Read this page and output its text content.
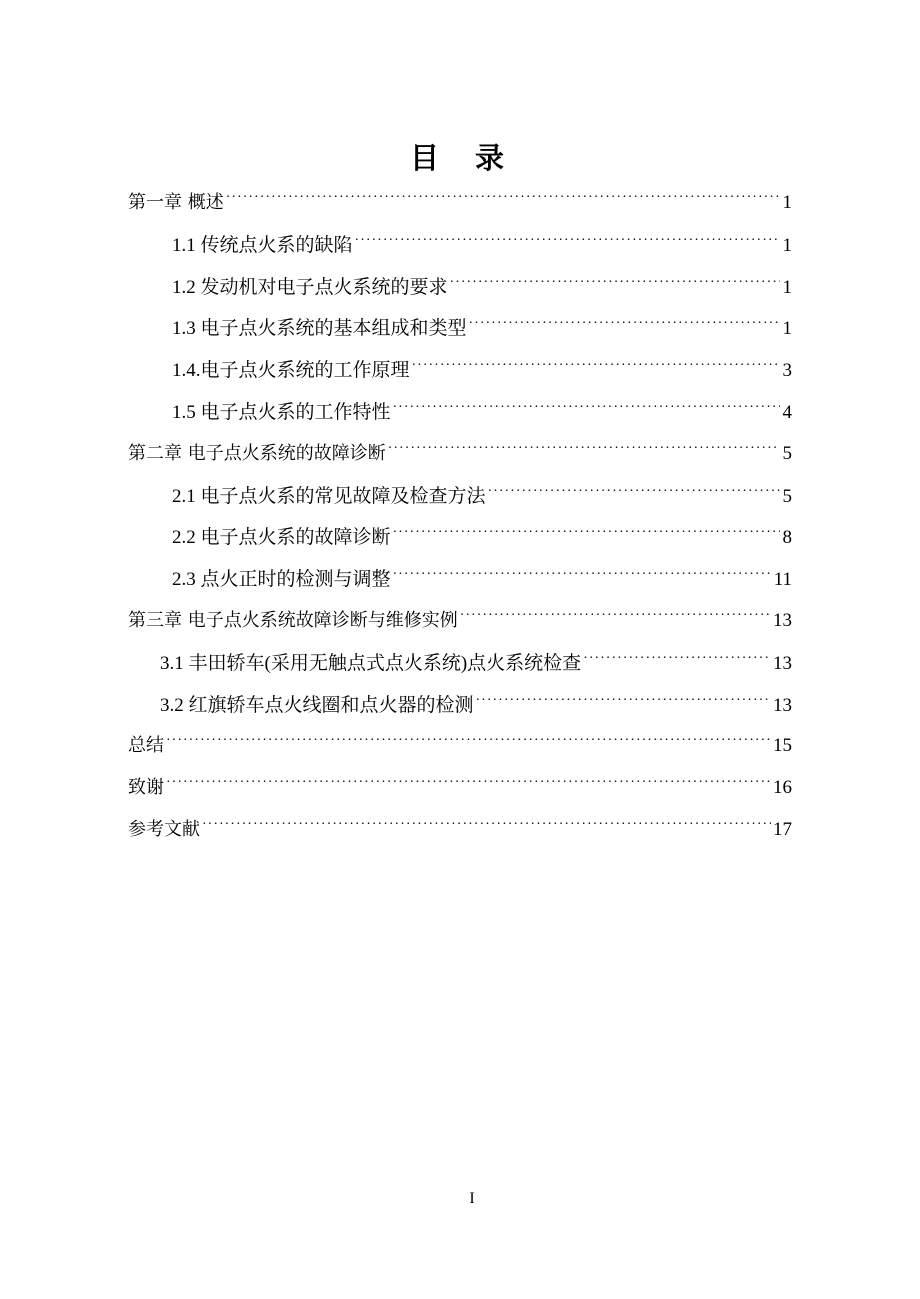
目录
第一章 概述 ·····	1
1.1 传统点火系的缺陷 ·····	1
1.2 发动机对电子点火系统的要求 ·····	1
1.3 电子点火系统的基本组成和类型 ·····	1
1.4.电子点火系统的工作原理 ·····	3
1.5 电子点火系的工作特性 ·····	4
第二章 电子点火系统的故障诊断 ·····	5
2.1 电子点火系的常见故障及检查方法 ·····	5
2.2 电子点火系的故障诊断 ·····	8
2.3 点火正时的检测与调整 ·····	11
第三章 电子点火系统故障诊断与维修实例 ·····	13
3.1 丰田轿车(采用无触点式点火系统)点火系统检查 ·····	13
3.2 红旗轿车点火线圈和点火器的检测 ·····	13
总结 ·····	15
致谢 ·····	16
参考文献 ·····	17
I
